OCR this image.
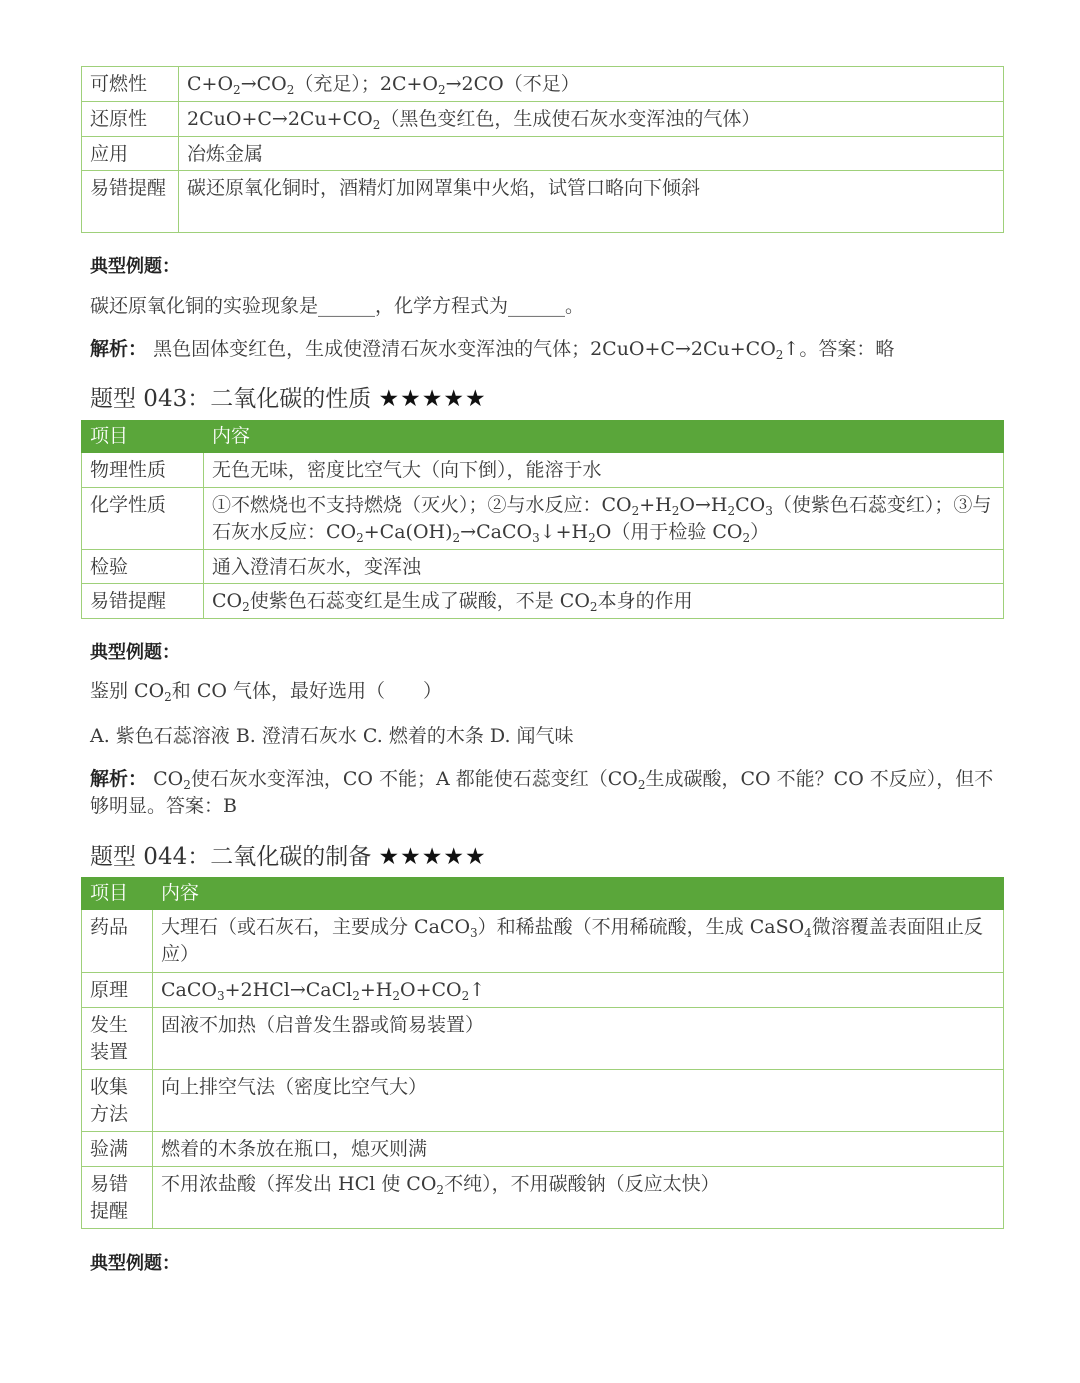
可燃性	$C+O_2\to CO_2$（充足）；$2C+O_2\to 2CO$（不足）

还原性	$2CuO+C\to 2Cu+CO_2$（黑色变红色，生成使石灰水变浑浊的气体）

应用	冶炼金属

易错提醒	碳还原氧化铜时，酒精灯加网罩集中火焰，试管口略向下倾斜
典型例题：
碳还原氧化铜的实验现象是______，化学方程式为______。
解析： 黑色固体变红色，生成使澄清石灰水变浑浊的气体；$2CuO+C\to 2Cu+CO_2↑$。答案：略
题型 043：二氧化碳的性质 ★★★★★
项目	内容

物理性质	无色无味，密度比空气大（向下倒），能溶于水

化学性质	①不燃烧也不支持燃烧（灭火）；②与水反应：$CO_2+H_2O\to H_2CO_3$（使紫色石蕊变红）；③与石灰水反应：$CO_2+Ca(OH)_2\to CaCO_3↓+H_2O$（用于检验 $CO_2$）

检验	通入澄清石灰水，变浑浊

易错提醒	$CO_2$使紫色石蕊变红是生成了碳酸，不是 $CO_2$本身的作用
典型例题：
鉴别 $CO_2$和 CO 气体，最好选用（　　）
A. 紫色石蕊溶液 B. 澄清石灰水 C. 燃着的木条 D. 闻气味
解析： $CO_2$使石灰水变浑浊，CO 不能；A 都能使石蕊变红（$CO_2$生成碳酸，CO 不能？CO 不反应），但不够明显。答案：B
题型 044：二氧化碳的制备 ★★★★★
项目	内容

药品	大理石（或石灰石，主要成分 CaCO$_3$）和稀盐酸（不用稀硫酸，生成 CaSO$_4$微溶覆盖表面阻止反应）

原理	$CaCO_3+2HCl\to CaCl_2+H_2O+CO_2↑$

发生装置	固液不加热（启普发生器或简易装置）

收集方法	向上排空气法（密度比空气大）

验满	燃着的木条放在瓶口，熄灭则满

易错提醒	不用浓盐酸（挥发出 HCl 使 $CO_2$不纯），不用碳酸钠（反应太快）
典型例题：
